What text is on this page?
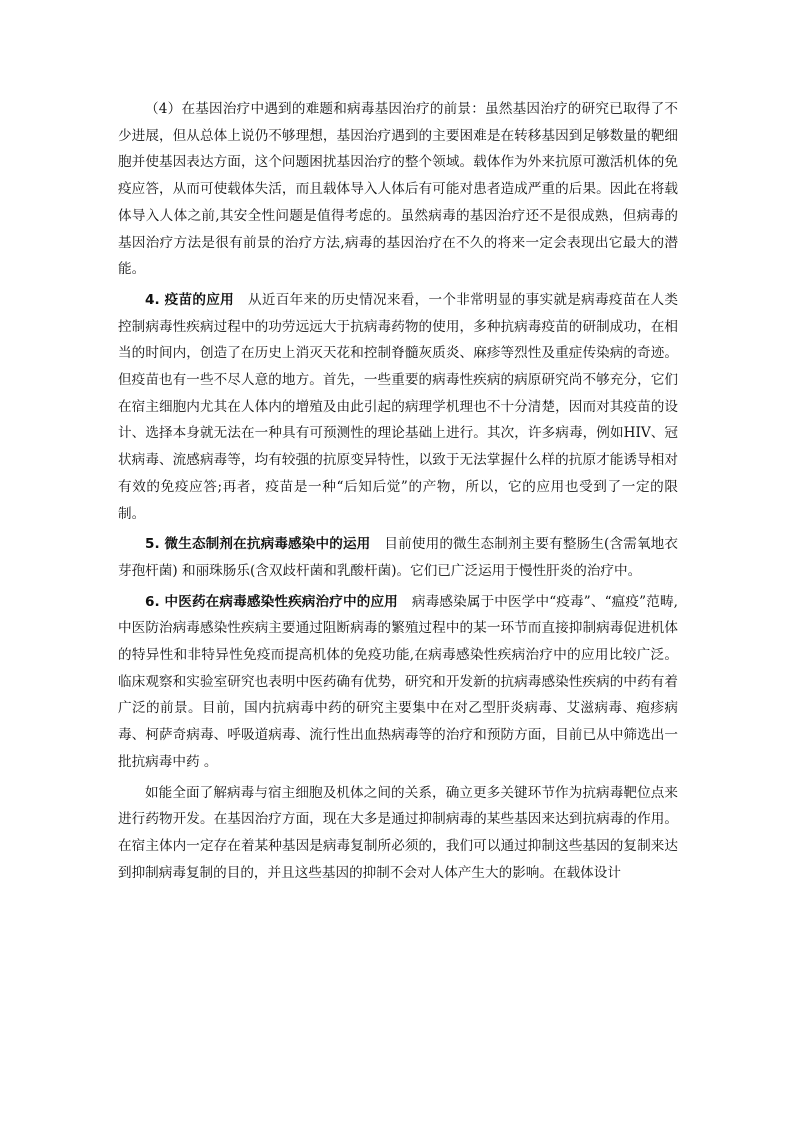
（4）在基因治疗中遇到的难题和病毒基因治疗的前景：虽然基因治疗的研究已取得了不少进展，但从总体上说仍不够理想，基因治疗遇到的主要困难是在转移基因到足够数量的靶细胞并使基因表达方面，这个问题困扰基因治疗的整个领域。载体作为外来抗原可激活机体的免疫应答，从而可使载体失活，而且载体导入人体后有可能对患者造成严重的后果。因此在将载体导入人体之前,其安全性问题是值得考虑的。虽然病毒的基因治疗还不是很成熟，但病毒的基因治疗方法是很有前景的治疗方法,病毒的基因治疗在不久的将来一定会表现出它最大的潜能。

4. 疫苗的应用 从近百年来的历史情况来看，一个非常明显的事实就是病毒疫苗在人类控制病毒性疾病过程中的功劳远远大于抗病毒药物的使用，多种抗病毒疫苗的研制成功，在相当的时间内，创造了在历史上消灭天花和控制脊髓灰质炎、麻疹等烈性及重症传染病的奇迹。但疫苗也有一些不尽人意的地方。首先，一些重要的病毒性疾病的病原研究尚不够充分，它们在宿主细胞内尤其在人体内的增殖及由此引起的病理学机理也不十分清楚，因而对其疫苗的设计、选择本身就无法在一种具有可预测性的理论基础上进行。其次，许多病毒，例如HIV、冠状病毒、流感病毒等，均有较强的抗原变异特性，以致于无法掌握什么样的抗原才能诱导相对有效的免疫应答;再者，疫苗是一种“后知后觉”的产物，所以，它的应用也受到了一定的限制。

5. 微生态制剂在抗病毒感染中的运用 目前使用的微生态制剂主要有整肠生(含需氧地衣芽孢杆菌) 和丽珠肠乐(含双歧杆菌和乳酸杆菌)。它们已广泛运用于慢性肝炎的治疗中。

6. 中医药在病毒感染性疾病治疗中的应用 病毒感染属于中医学中“疫毒”、“瘟疫”范畴,中医防治病毒感染性疾病主要通过阻断病毒的繁殖过程中的某一环节而直接抑制病毒促进机体的特异性和非特异性免疫而提高机体的免疫功能,在病毒感染性疾病治疗中的应用比较广泛。临床观察和实验室研究也表明中医药确有优势，研究和开发新的抗病毒感染性疾病的中药有着广泛的前景。目前，国内抗病毒中药的研究主要集中在对乙型肝炎病毒、艾滋病毒、疱疹病毒、柯萨奇病毒、呼吸道病毒、流行性出血热病毒等的治疗和预防方面，目前已从中筛选出一批抗病毒中药 。

如能全面了解病毒与宿主细胞及机体之间的关系，确立更多关键环节作为抗病毒靶位点来进行药物开发。在基因治疗方面，现在大多是通过抑制病毒的某些基因来达到抗病毒的作用。在宿主体内一定存在着某种基因是病毒复制所必须的，我们可以通过抑制这些基因的复制来达到抑制病毒复制的目的，并且这些基因的抑制不会对人体产生大的影响。在载体设计
